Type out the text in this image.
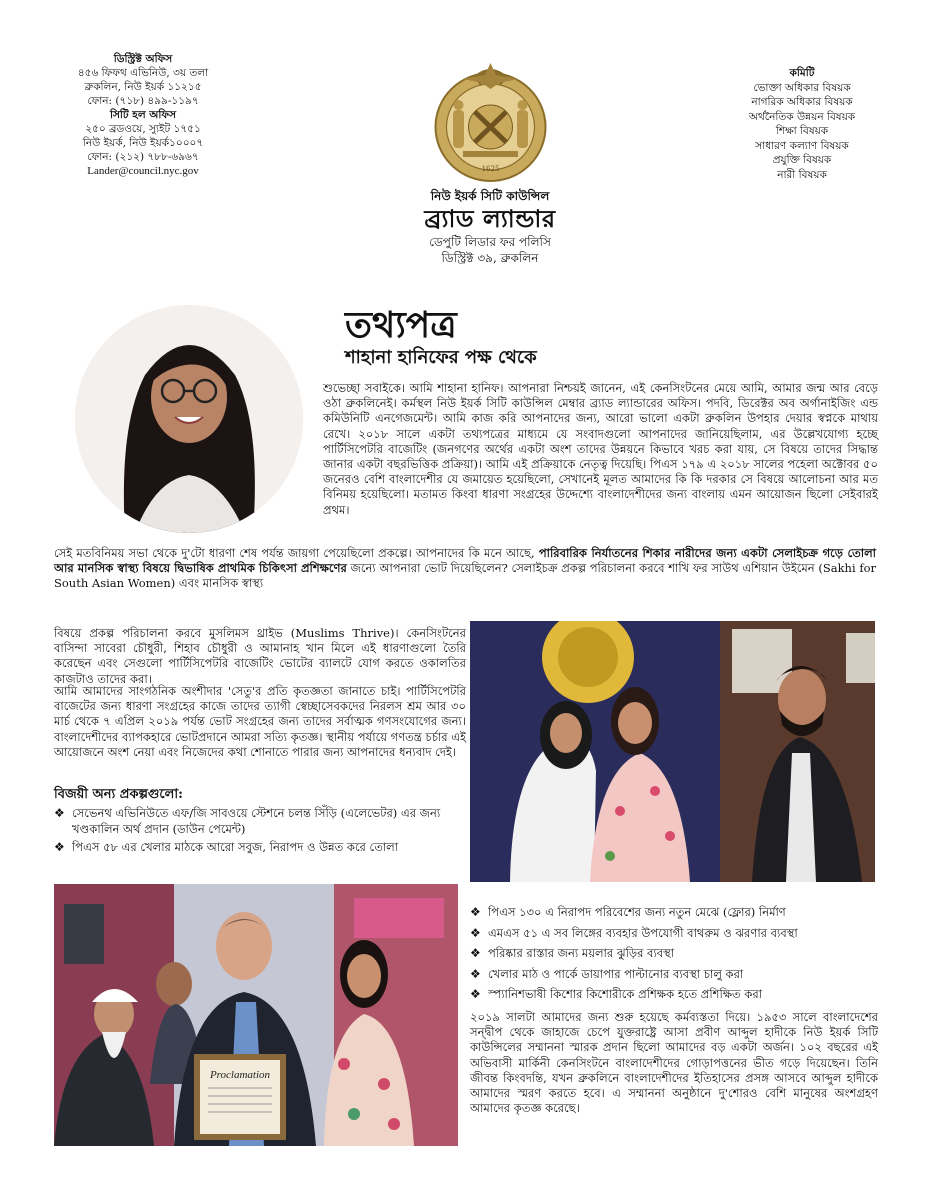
ডিস্ট্রিক্ট অফিস
৪৫৬ ফিফথ এভিনিউ, ৩য় তলা
ব্রুকলিন, নিউ ইয়র্ক ১১২১৫
ফোন: (৭১৮) ৪৯৯-১১৯৭
সিটি হল অফিস
২৫০ ব্রডওয়ে, স্যুইট ১৭৫১
নিউ ইয়র্ক, নিউ ইয়র্ক১০০০৭
ফোন: (২১২) ৭৮৮-৬৯৬৭
Lander@council.nyc.gov	1625
নিউ ইয়র্ক সিটি কাউন্সিল
ব্র্যাড ল্যান্ডার
ডেপুটি লিডার ফর পলিসি
ডিস্ট্রিক্ট ৩৯, ব্রুকলিন
কমিটি
ভোক্তা অধিকার বিষয়ক
নাগরিক অধিকার বিষয়ক
অর্থনৈতিক উন্নয়ন বিষয়ক
শিক্ষা বিষয়ক
সাধারণ কল্যাণ বিষয়ক
প্রযুক্তি বিষয়ক
নারী বিষয়ক
তথ্যপত্র
শাহানা হানিফের পক্ষ থেকে
শুভেচ্ছা সবাইকে। আমি শাহানা হানিফ। আপনারা নিশ্চয়ই জানেন, এই কেনসিংটনের মেয়ে আমি, আমার জন্ম আর বেড়ে ওঠা ব্রুকলিনেই। কর্মস্থল নিউ ইয়র্ক সিটি কাউন্সিল মেম্বার ব্র্যাড ল্যান্ডারের অফিস। পদবি, ডিরেক্টর অব অর্গানাইজিং এন্ড কমিউনিটি এনগেজমেন্ট। আমি কাজ করি আপনাদের জন্য, আরো ভালো একটা ব্রুকলিন উপহার দেয়ার স্বপ্নকে মাথায় রেখে। ২০১৮ সালে একটা তথ্যপত্রের মাধ্যমে যে সংবাদগুলো আপনাদের জানিয়েছিলাম, এর উল্লেখযোগ্য হচ্ছে পার্টিসিপেটরি বাজেটিং (জনগণের অর্থের একটা অংশ তাদের উন্নয়নে কিভাবে খরচ করা যায়, সে বিষয়ে তাদের সিদ্ধান্ত জানার একটা বছরভিত্তিক প্রক্রিয়া)। আমি এই প্রক্রিয়াকে নেতৃত্ব দিয়েছি। পিএস ১৭৯ এ ২০১৮ সালের পহেলা অক্টোবর ৫০ জনেরও বেশি বাংলাদেশীর যে জমায়েত হয়েছিলো, সেখানেই মূলত আমাদের কি কি দরকার সে বিষয়ে আলোচনা আর মত বিনিময় হয়েছিলো। মতামত কিংবা ধারণা সংগ্রহের উদ্দেশ্যে বাংলাদেশীদের জন্য বাংলায় এমন আয়োজন ছিলো সেইবারই প্রথম।
সেই মতবিনিময় সভা থেকে দু'টো ধারণা শেষ পর্যন্ত জায়গা পেয়েছিলো প্রকল্পে। আপনাদের কি মনে আছে, পারিবারিক নির্যাতনের শিকার নারীদের জন্য একটা সেলাইচক্র গড়ে তোলা আর মানসিক স্বাস্থ্য বিষয়ে দ্বিভাষিক প্রাথমিক চিকিৎসা প্রশিক্ষণের জন্যে আপনারা ভোট দিয়েছিলেন? সেলাইচক্র প্রকল্প পরিচালনা করবে শাখি ফর সাউথ এশিয়ান উইমেন (Sakhi for South Asian Women) এবং মানসিক স্বাস্থ্য
বিষয়ে প্রকল্প পরিচালনা করবে মুসলিমস থ্রাইভ (Muslims Thrive)। কেনসিংটনের বাসিন্দা সাবেরা চৌধুরী, শিহাব চৌধুরী ও আমানাহ খান মিলে এই ধারণাগুলো তৈরি করেছেন এবং সেগুলো পার্টিসিপেটরি বাজেটিং ভোটের ব্যালটে যোগ করতে ওকালতির কাজটাও তাদের করা।
আমি আমাদের সাংগঠনিক অংশীদার 'সেতু'র প্রতি কৃতজ্ঞতা জানাতে চাই। পার্টিসিপেটরি বাজেটের জন্য ধারণা সংগ্রহের কাজে তাদের ত্যাগী স্বেচ্ছাসেবকদের নিরলস শ্রম আর ৩০ মার্চ থেকে ৭ এপ্রিল ২০১৯ পর্যন্ত ভোট সংগ্রহের জন্য তাদের সর্বাত্মক গণসংযোগের জন্য। বাংলাদেশীদের ব্যাপকহারে ভোটপ্রদানে আমরা সত্যি কৃতজ্ঞ। স্থানীয় পর্যায়ে গণতন্ত্র চর্চার এই আয়োজনে অংশ নেয়া এবং নিজেদের কথা শোনাতে পারার জন্য আপনাদের ধন্যবাদ দেই।
বিজয়ী অন্য প্রকল্পগুলো:
❖ সেভেনথ এভিনিউতে এফ/জি সাবওয়ে স্টেশনে চলন্ত সিঁড়ি (এলেভেটর) এর জন্য খণ্ডকালিন অর্থ প্রদান (ডাউন পেমেন্ট)
❖ পিএস ৫৮ এর খেলার মাঠকে আরো সবুজ, নিরাপদ ও উন্নত করে তোলা
Proclamation
❖ পিএস ১৩০ এ নিরাপদ পরিবেশের জন্য নতুন মেঝে (ফ্লোর) নির্মাণ
❖ এমএস ৫১ এ সব লিঙ্গের ব্যবহার উপযোগী বাথরুম ও ঝরণার ব্যবস্থা
❖ পরিষ্কার রাস্তার জন্য ময়লার ঝুড়ির ব্যবস্থা
❖ খেলার মাঠ ও পার্কে ডায়াপার পাল্টানোর ব্যবস্থা চালু করা
❖ স্প্যানিশভাষী কিশোর কিশোরীকে প্রশিক্ষক হতে প্রশিক্ষিত করা
২০১৯ সালটা আমাদের জন্য শুরু হয়েছে কর্মব্যস্ততা দিয়ে। ১৯৫৩ সালে বাংলাদেশের সন্দ্বীপ থেকে জাহাজে চেপে যুক্তরাষ্ট্রে আসা প্রবীণ আব্দুল হাদীকে নিউ ইয়র্ক সিটি কাউন্সিলের সম্মাননা স্মারক প্রদান ছিলো আমাদের বড় একটা অর্জন। ১০২ বছরের এই অভিবাসী মার্কিনী কেনসিংটনে বাংলাদেশীদের গোড়াপত্তনের ভীত গড়ে দিয়েছেন। তিনি জীবন্ত কিংবদন্তি, যখন ব্রুকলিনে বাংলাদেশীদের ইতিহাসের প্রসঙ্গ আসবে আব্দুল হাদীকে আমাদের স্মরণ করতে হবে। এ সম্মাননা অনুষ্ঠানে দু'শোরও বেশি মানুষের অংশগ্রহণ আমাদের কৃতজ্ঞ করেছে।
